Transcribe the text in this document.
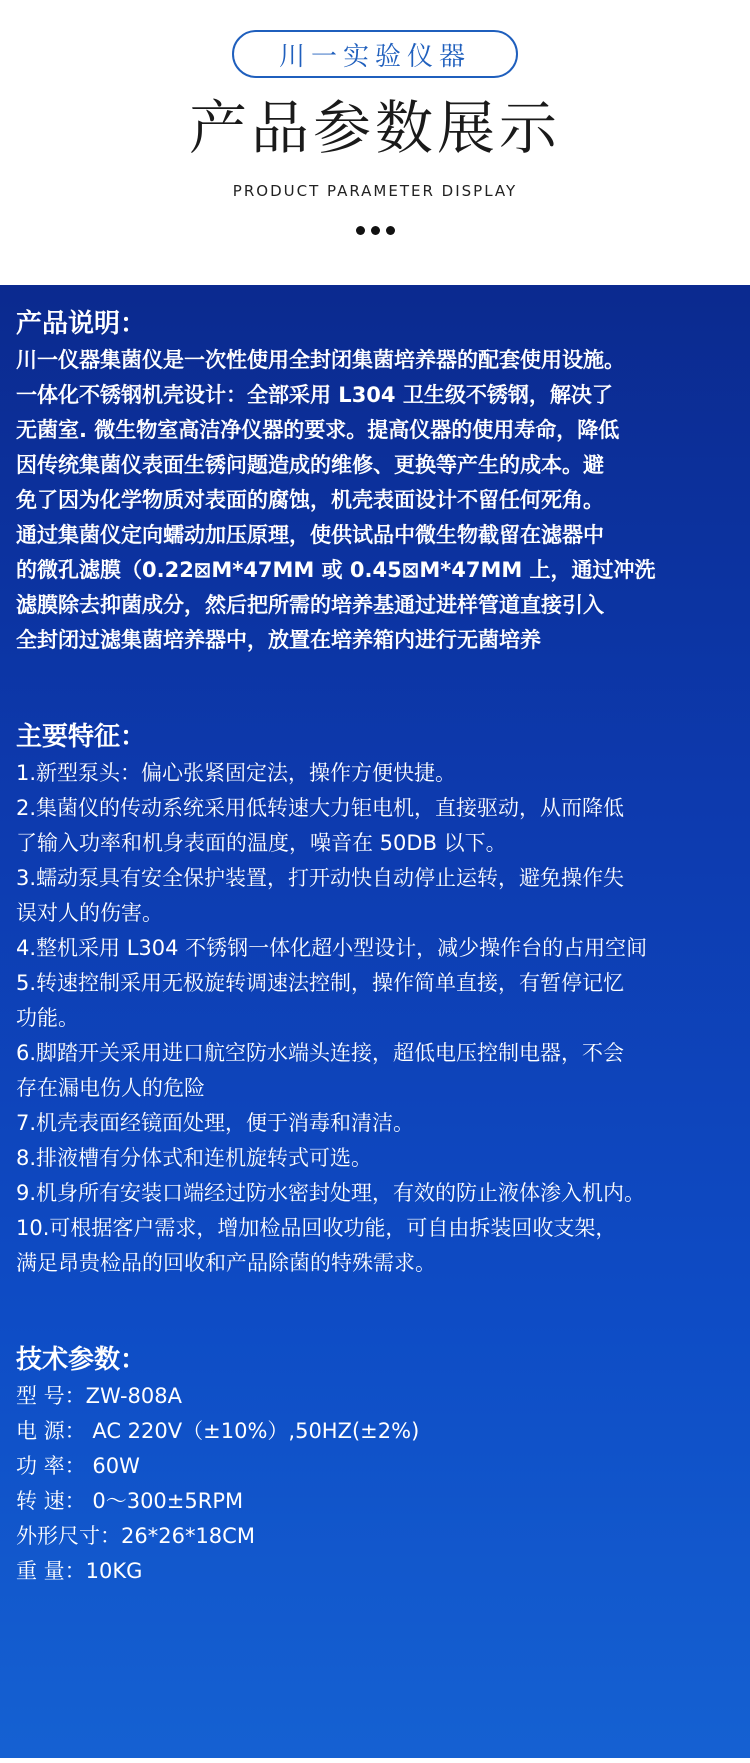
川一实验仪器
产品参数展示
PRODUCT PARAMETER DISPLAY
产品说明：

川一仪器集菌仪是一次性使用全封闭集菌培养器的配套使用设施。

一体化不锈钢机壳设计：全部采用 L304 卫生级不锈钢，解决了

无菌室. 微生物室高洁净仪器的要求。提高仪器的使用寿命，降低

因传统集菌仪表面生锈问题造成的维修、更换等产生的成本。避

免了因为化学物质对表面的腐蚀，机壳表面设计不留任何死角。

通过集菌仪定向蠕动加压原理，使供试品中微生物截留在滤器中

的微孔滤膜（0.22⊠M*47MM 或 0.45⊠M*47MM 上，通过冲洗

滤膜除去抑菌成分，然后把所需的培养基通过进样管道直接引入

全封闭过滤集菌培养器中，放置在培养箱内进行无菌培养

主要特征：

1.新型泵头：偏心张紧固定法，操作方便快捷。

2.集菌仪的传动系统采用低转速大力钜电机，直接驱动，从而降低

了输入功率和机身表面的温度，噪音在 50DB 以下。

3.蠕动泵具有安全保护装置，打开动快自动停止运转，避免操作失

误对人的伤害。

4.整机采用 L304 不锈钢一体化超小型设计，减少操作台的占用空间

5.转速控制采用无极旋转调速法控制，操作简单直接，有暂停记忆

功能。

6.脚踏开关采用进口航空防水端头连接，超低电压控制电器，不会

存在漏电伤人的危险

7.机壳表面经镜面处理，便于消毒和清洁。

8.排液槽有分体式和连机旋转式可选。

9.机身所有安装口端经过防水密封处理，有效的防止液体渗入机内。

10.可根据客户需求，增加检品回收功能，可自由拆装回收支架，

满足昂贵检品的回收和产品除菌的特殊需求。

技术参数：

型 号：ZW-808A

电 源： AC 220V（±10%）,50HZ(±2%)

功 率： 60W

转 速： 0～300±5RPM

外形尺寸：26*26*18CM

重 量：10KG
